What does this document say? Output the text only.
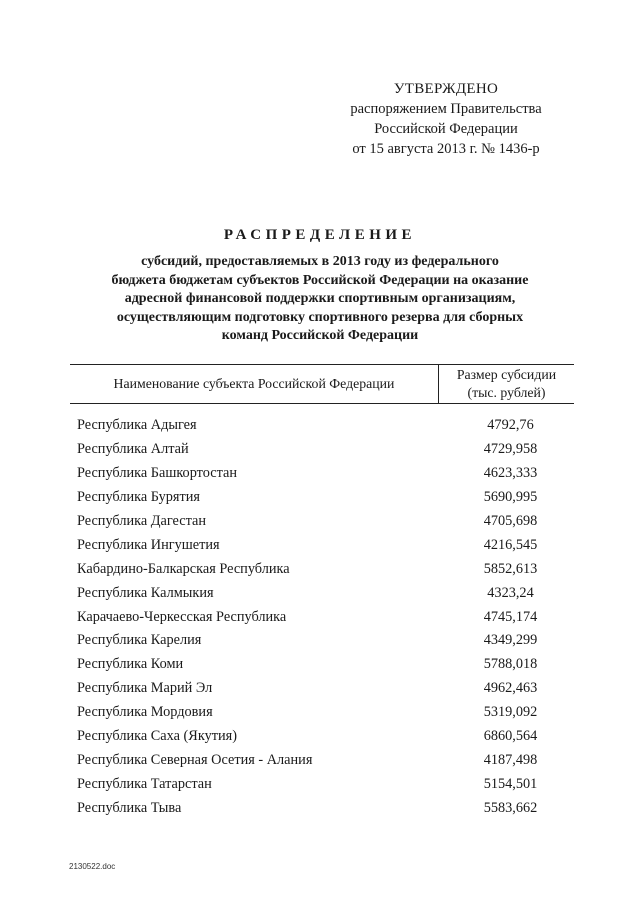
УТВЕРЖДЕНО
распоряжением Правительства
Российской Федерации
от 15 августа 2013 г. № 1436-р
РАСПРЕДЕЛЕНИЕ
субсидий, предоставляемых в 2013 году из федерального
бюджета бюджетам субъектов Российской Федерации на оказание
адресной финансовой поддержки спортивным организациям,
осуществляющим подготовку спортивного резерва для сборных
команд Российской Федерации
Наименование субъекта Российской Федерации
Размер субсидии
(тыс. рублей)
Республика Адыгея	4792,76
Республика Алтай	4729,958
Республика Башкортостан	4623,333
Республика Бурятия	5690,995
Республика Дагестан	4705,698
Республика Ингушетия	4216,545
Кабардино-Балкарская Республика	5852,613
Республика Калмыкия	4323,24
Карачаево-Черкесская Республика	4745,174
Республика Карелия	4349,299
Республика Коми	5788,018
Республика Марий Эл	4962,463
Республика Мордовия	5319,092
Республика Саха (Якутия)	6860,564
Республика Северная Осетия - Алания	4187,498
Республика Татарстан	5154,501
Республика Тыва	5583,662
2130522.doc
